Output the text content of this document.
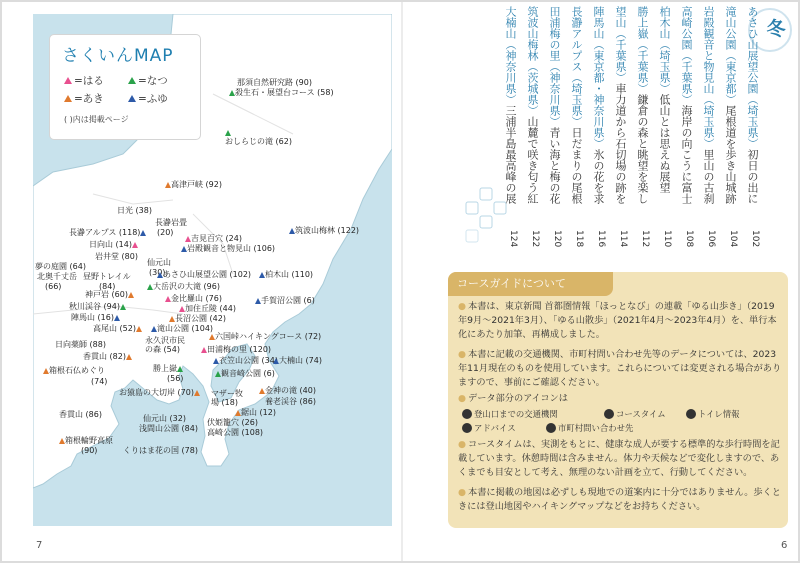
さくいんMAP
=はる	=なつ
=あき	=ふゆ
( )内は掲載ページ
那須自然研究路 (90)
殺生石・展望台コース (58)

おしらじの滝 (62)
高津戸峡 (92)
筑波山梅林 (122)
日光 (38)
長瀞岩畳
長瀞アルプス (118)	(20)
日向山 (14)
吉見百穴 (24)
岩井堂 (80)
岩殿観音と物見山 (106)
仙元山
(30)
夢の庭園 (64)
北奥千丈岳
(66)
あさひ山展望公園 (102)	柏木山 (110)
昼野トレイル
(84)	大岳沢の大滝 (96)
神戸岩 (60)	金比羅山 (76)	手賀沼公園 (6)
秋川渓谷 (94)	加住丘陵 (44)
陣馬山 (16)	長沼公園 (42)
高尾山 (52)	滝山公園 (104)
日向薬師 (88)
六国峠ハイキングコース (72)
永久沢市民の森 (54)	田浦梅の里 (120)
香貫山 (82)	衣笠山公園 (34) 大楠山 (74)
箱根石仏めぐり
(74)
勝上嶽
(56)
観音崎公園 (6)
お猿島の大切岸 (70)	マザー牧場 (18)
金神の滝 (40)
養老渓谷 (86)
香貫山 (86)	鋸山 (12)
仙元山 (32)	伏姫籠穴 (26)
浅間山公園 (84) 高崎公園 (108)
箱根輪野高原
(90)	くりはま花の国 (78)
7
冬
あさひ山展望公園（埼玉県）初日の出に
102
滝山公園（東京都）尾根道を歩き山城跡
104
岩殿観音と物見山（埼玉県）里山の古刹
106
高崎公園（千葉県）海岸の向こうに富士
108
柏木山（埼玉県）低山とは思えぬ展望
110
勝上嶽（千葉県）鎌倉の森と眺望を楽し
112
望山（千葉県）車力道から石切場の跡を
114
陣馬山（東京都・神奈川県）氷の花を求
116
長瀞アルプス（埼玉県）日だまりの尾根
118
田浦梅の里（神奈川県）青い海と梅の花
120
筑波山梅林（茨城県）山麓で咲き匂う紅
122
大楠山（神奈川県）三浦半島最高峰の展
124
コースガイドについて
● 本書は、東京新聞 首都圏情報「ほっとなび」の連載「ゆる山歩き」（2019年9月～2021年3月）、「ゆる山散歩」（2021年4月～2023年4月）を、単行本化にあたり加筆、再構成しました。
● 本書に記載の交通機関、市町村問い合わせ先等のデータについては、2023年11月現在のものを使用しています。これらについては変更される場合がありますので、事前にご確認ください。
● データ部分のアイコンは
登山口までの交通機関	コースタイム	トイレ情報
アドバイス	市町村問い合わせ先
● コースタイムは、実測をもとに、健康な成人が要する標準的な歩行時間を記載しています。休憩時間は含みません。体力や天候などで変化しますので、あくまでも目安として考え、無理のない計画を立て、行動してください。
● 本書に掲載の地図は必ずしも現地での道案内に十分ではありません。歩くときには登山地図やハイキングマップなどをお持ちください。
6
